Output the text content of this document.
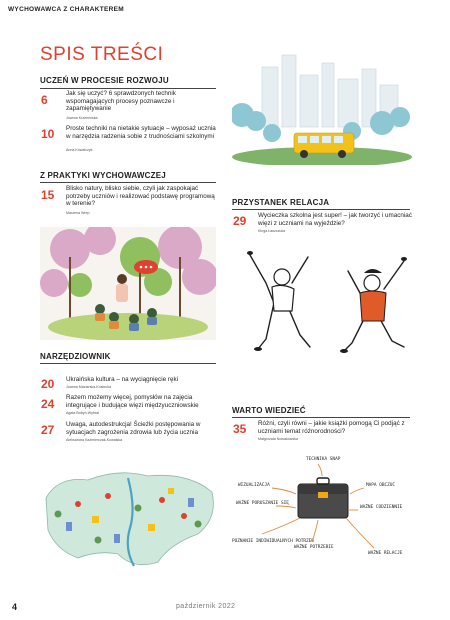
WYCHOWAWCA Z CHARAKTEREM
SPIS TREŚCI
UCZEŃ W PROCESIE ROZWOJU
6	Jak się uczyć? 6 sprawdzonych technik wspomagających procesy poznawcze i zapamiętywanie
Joanna Krzemińska
10 Proste techniki na nietakie sytuacje – wyposaż ucznia w narzędzia radzenia sobie z trudnościami szkolnymi
Anna Kowalczyk
Z PRAKTYKI WYCHOWAWCZEJ
15 Blisko natury, blisko siebie, czyli jak zaspokajać potrzeby uczniów i realizować podstawę programową w terenie?
Marzena Wrep
PRZYSTANEK RELACJA
29 Wycieczka szkolna jest super! – jak tworzyć i umacniać więzi z uczniami na wyjeździe?
Kinga Łaszczuka
NARZĘDZIOWNIK
20 Ukraińska kultura – na wyciągnięcie ręki
Joanna Maziarska-Kostecka
24 Razem możemy więcej, pomysłów na zajęcia integrujące i budujące więzi międzyuczniowskie
Agata Bobyń-Wybrał
27 Uwaga, autodestrukcja! Ścieżki postępowania w sytuacjach zagrożenia zdrowia lub życia ucznia
Aleksandra Kaźmierczak-Kowalska
WARTO WIEDZIEĆ
35 Różni, czyli równi – jakie książki pomogą Ci podjąć z uczniami temat różnorodności?
Małgorzata Nowakowska
TECHNIKA SNAP
WIZUALIZACJA	MAPA OBCZUĆ
WAŻNE PORUSZANIE SIĘ
WAŻNE CODZIENNIE
POZNANIE INDIWIDUALNYCH POTRZEB
WAŻNE POTRZEBIE
WAŻNE RELACJE
4	październik 2022
